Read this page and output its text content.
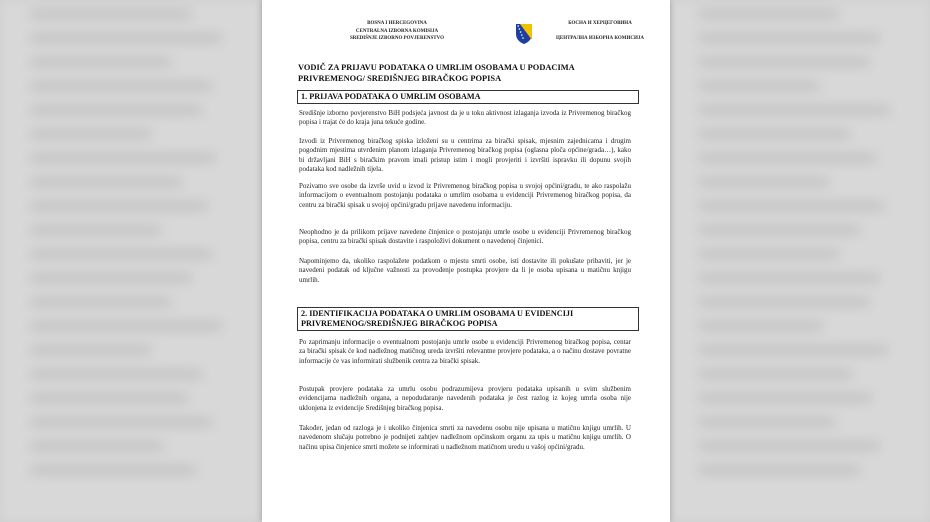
BOSNA I HERCEGOVINA
CENTRALNA IZBORNA KOMISIJA
SREDIŠNJE IZBORNO POVJERENSTVO
БОСНА И ХЕРЦЕГОВИНА
ЦЕНТРАЛНА ИЗБОРНА КОМИСИЈА
VODIČ ZA PRIJAVU PODATAKA O UMRLIM OSOBAMA U PODACIMA PRIVREMENOG/ SREDIŠNJEG BIRAČKOG POPISA
1. PRIJAVA PODATAKA O UMRLIM OSOBAMA
Središnje izborno povjerenstvo BiH podsjeća javnost da je u toku aktivnost izlaganja izvoda iz Privremenog biračkog popisa i trajat će do kraja juna tekuće godine.
Izvodi iz Privremenog biračkog spiska izloženi su u centrima za birački spisak, mjesnim zajednicama i drugim pogodnim mjestima utvrđenim planom izlaganja Privremenog biračkog popisa (oglasna ploča općine/grada…), kako bi državljani BiH s biračkim pravom imali pristup istim i mogli provjeriti i izvršiti ispravku ili dopunu svojih podataka kod nadležnih tijela.
Pozivamo sve osobe da izvrše uvid u izvod iz Privremenog biračkog popisa u svojoj općini/gradu, te ako raspolažu informacijom o eventualnom postojanju podataka o umrlim osobama u evidenciji Privremenog biračkog popisa, da centru za birački spisak u svojoj općini/gradu prijave navedenu informaciju.
Neophodno je da prilikom prijave navedene činjenice o postojanju umrle osobe u evidenciji Privremenog biračkog popisa, centru za birački spisak dostavite i raspoloživi dokument o navedenoj činjenici.
Napominjemo da, ukoliko raspolažete podatkom o mjestu smrti osobe, isti dostavite ili pokušate pribaviti, jer je navedeni podatak od ključne važnosti za provođenje postupka provjere da li je osoba upisana u matičnu knjigu umrlih.
2. IDENTIFIKACIJA PODATAKA O UMRLIM OSOBAMA U EVIDENCIJI PRIVREMENOG/SREDIŠNJEG BIRAČKOG POPISA
Po zaprimanju informacije o eventualnom postojanju umrle osobe u evidenciji Privremenog biračkog popisa, centar za birački spisak će kod nadležnog matičnog ureda izvršiti relevantne provjere podataka, a o načinu dostave povratne informacije će vas informirati službenik centra za birački spisak.
Postupak provjere podataka za umrlu osobu podrazumijeva provjeru podataka upisanih u svim službenim evidencijama nadležnih organa, a nepodudaranje navedenih podataka je čest razlog iz kojeg umrla osoba nije uklonjena iz evidencije Središnjeg biračkog popisa.
Također, jedan od razloga je i ukoliko činjenica smrti za navedenu osobu nije upisana u matičnu knjigu umrlih. U navedenom slučaju potrebno je podnijeti zahtjev nadležnom općinskom organu za upis u matičnu knjigu umrlih. O načinu upisa činjenice smrti možete se informirati u nadležnom matičnom uredu u vašoj općini/gradu.
